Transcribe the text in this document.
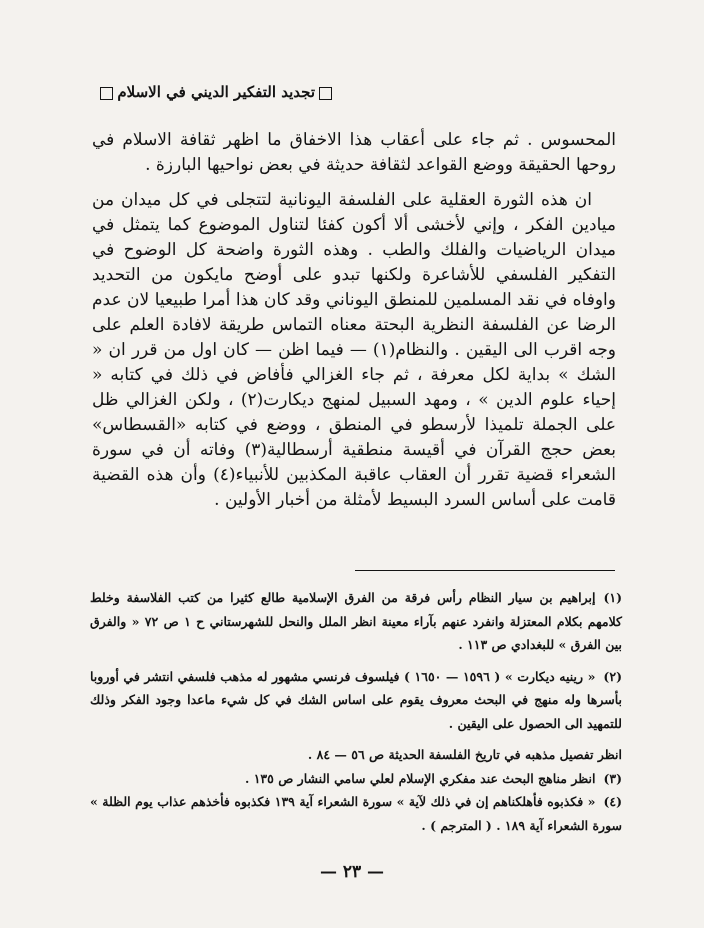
تجديد التفكير الديني في الاسلام

المحسوس . ثم جاء على أعقاب هذا الاخفاق ما اظهر ثقافة الاسلام في روحها الحقيقة ووضع القواعد لثقافة حديثة في بعض نواحيها البارزة .

ان هذه الثورة العقلية على الفلسفة اليونانية لتتجلى في كل ميدان من ميادين الفكر ، وإني لأخشى ألا أكون كفئا لتناول الموضوع كما يتمثل في ميدان الرياضيات والفلك والطب . وهذه الثورة واضحة كل الوضوح في التفكير الفلسفي للأشاعرة ولكنها تبدو على أوضح مايكون من التحديد واوفاه في نقد المسلمين للمنطق اليوناني وقد كان هذا أمرا طبيعيا لان عدم الرضا عن الفلسفة النظرية البحتة معناه التماس طريقة لافادة العلم على وجه اقرب الى اليقين . والنظام(١) — فيما اظن — كان اول من قرر ان « الشك » بداية لكل معرفة ، ثم جاء الغزالي فأفاض في ذلك في كتابه « إحياء علوم الدين » ، ومهد السبيل لمنهج ديكارت(٢) ، ولكن الغزالي ظل على الجملة تلميذا لأرسطو في المنطق ، ووضع في كتابه «القسطاس» بعض حجج القرآن في أقيسة منطقية أرسطالية(٣) وفاته أن في سورة الشعراء قضية تقرر أن العقاب عاقبة المكذبين للأنبياء(٤) وأن هذه القضية قامت على أساس السرد البسيط لأمثلة من أخبار الأولين .

(١)إبراهيم بن سيار النظام رأس فرقة من الفرق الإسلامية طالع كثيرا من كتب الفلاسفة وخلط كلامهم بكلام المعتزلة وانفرد عنهم بآراء معينة انظر الملل والنحل للشهرستاني ح ١ ص ٧٢ « والفرق بين الفرق » للبغدادي ص ١١٣ .

(٢)« رينيه ديكارت » ( ١٥٩٦ — ١٦٥٠ ) فيلسوف فرنسي مشهور له مذهب فلسفي انتشر في أوروبا بأسرها وله منهج في البحث معروف يقوم على اساس الشك في كل شيء ماعدا وجود الفكر وذلك للتمهيد الى الحصول على اليقين .

انظر تفصيل مذهبه في تاريخ الفلسفة الحديثة ص ٥٦ — ٨٤ .

(٣)انظر مناهج البحث عند مفكري الإسلام لعلي سامي النشار ص ١٣٥ .

(٤)« فكذبوه فأهلكناهم إن في ذلك لآية » سورة الشعراء آية ١٣٩ فكذبوه فأخذهم عذاب يوم الظلة » سورة الشعراء آية ١٨٩ . ( المترجم ) .

— ٢٣ —
